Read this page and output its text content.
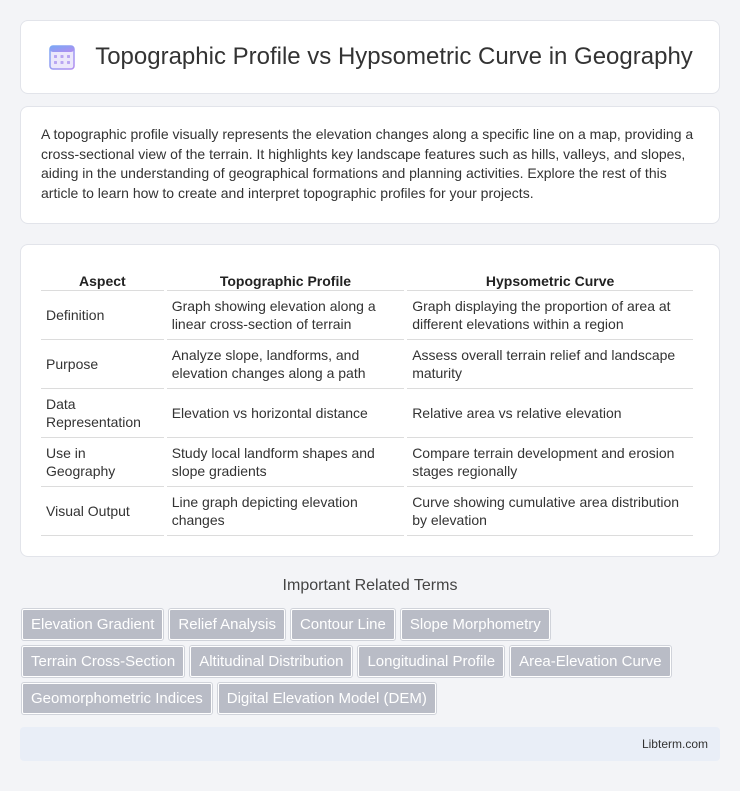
Topographic Profile vs Hypsometric Curve in Geography

A topographic profile visually represents the elevation changes along a specific line on a map, providing a cross-sectional view of the terrain. It highlights key landscape features such as hills, valleys, and slopes, aiding in the understanding of geographical formations and planning activities. Explore the rest of this article to learn how to create and interpret topographic profiles for your projects.

Aspect	Topographic Profile	Hypsometric Curve
Definition	Graph showing elevation along a linear cross-section of terrain	Graph displaying the proportion of area at different elevations within a region
Purpose	Analyze slope, landforms, and elevation changes along a path	Assess overall terrain relief and landscape maturity
Data Representation	Elevation vs horizontal distance	Relative area vs relative elevation
Use in Geography	Study local landform shapes and slope gradients	Compare terrain development and erosion stages regionally
Visual Output	Line graph depicting elevation changes	Curve showing cumulative area distribution by elevation
Important Related Terms
Elevation Gradient	Relief Analysis	Contour Line	Slope Morphometry
Terrain Cross-Section	Altitudinal Distribution	Longitudinal Profile	Area-Elevation Curve
Geomorphometric Indices	Digital Elevation Model (DEM)
Libterm.com
